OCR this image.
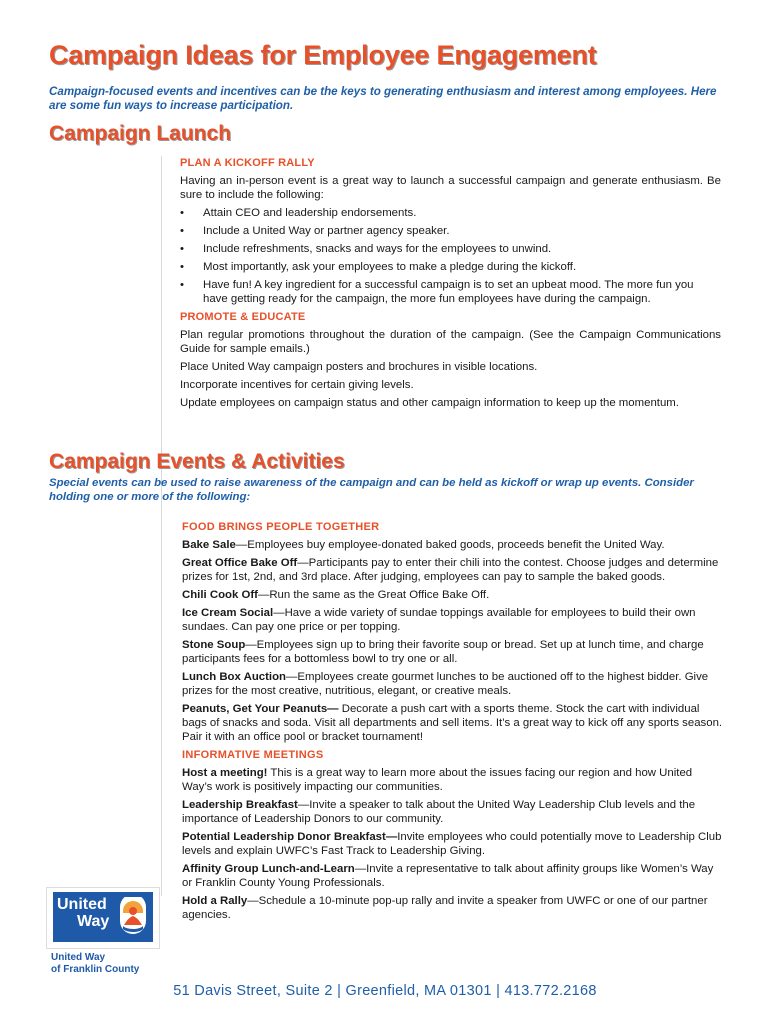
Campaign Ideas for Employee Engagement

Campaign-focused events and incentives can be the keys to generating enthusiasm and interest among employees. Here are some fun ways to increase participation.

Campaign Launch
PLAN A KICKOFF RALLY

Having an in-person event is a great way to launch a successful campaign and generate enthusiasm. Be sure to include the following:

• Attain CEO and leadership endorsements.
• Include a United Way or partner agency speaker.
• Include refreshments, snacks and ways for the employees to unwind.
• Most importantly, ask your employees to make a pledge during the kickoff.
• Have fun! A key ingredient for a successful campaign is to set an upbeat mood. The more fun you have getting ready for the campaign, the more fun employees have during the campaign.
PROMOTE & EDUCATE

Plan regular promotions throughout the duration of the campaign. (See the Campaign Communications Guide for sample emails.)

Place United Way campaign posters and brochures in visible locations.

Incorporate incentives for certain giving levels.

Update employees on campaign status and other campaign information to keep up the momentum.

Campaign Events & Activities

Special events can be used to raise awareness of the campaign and can be held as kickoff or wrap up events. Consider holding one or more of the following:

FOOD BRINGS PEOPLE TOGETHER
Bake Sale—Employees buy employee-donated baked goods, proceeds benefit the United Way.
Great Office Bake Off—Participants pay to enter their chili into the contest. Choose judges and determine prizes for 1st, 2nd, and 3rd place. After judging, employees can pay to sample the baked goods.
Chili Cook Off—Run the same as the Great Office Bake Off.
Ice Cream Social—Have a wide variety of sundae toppings available for employees to build their own sundaes. Can pay one price or per topping.
Stone Soup—Employees sign up to bring their favorite soup or bread. Set up at lunch time, and charge participants fees for a bottomless bowl to try one or all.
Lunch Box Auction—Employees create gourmet lunches to be auctioned off to the highest bidder. Give prizes for the most creative, nutritious, elegant, or creative meals.
Peanuts, Get Your Peanuts— Decorate a push cart with a sports theme. Stock the cart with individual bags of snacks and soda. Visit all departments and sell items. It’s a great way to kick off any sports season. Pair it with an office pool or bracket tournament!
INFORMATIVE MEETINGS
Host a meeting! This is a great way to learn more about the issues facing our region and how United Way’s work is positively impacting our communities.
Leadership Breakfast—Invite a speaker to talk about the United Way Leadership Club levels and the importance of Leadership Donors to our community.
Potential Leadership Donor Breakfast—Invite employees who could potentially move to Leadership Club levels and explain UWFC’s Fast Track to Leadership Giving.
Affinity Group Lunch-and-Learn—Invite a representative to talk about affinity groups like Women’s Way or Franklin County Young Professionals.
Hold a Rally—Schedule a 10-minute pop-up rally and invite a speaker from UWFC or one of our partner agencies.
United
Way
United Way
of Franklin County
51 Davis Street, Suite 2 | Greenfield, MA 01301 | 413.772.2168
